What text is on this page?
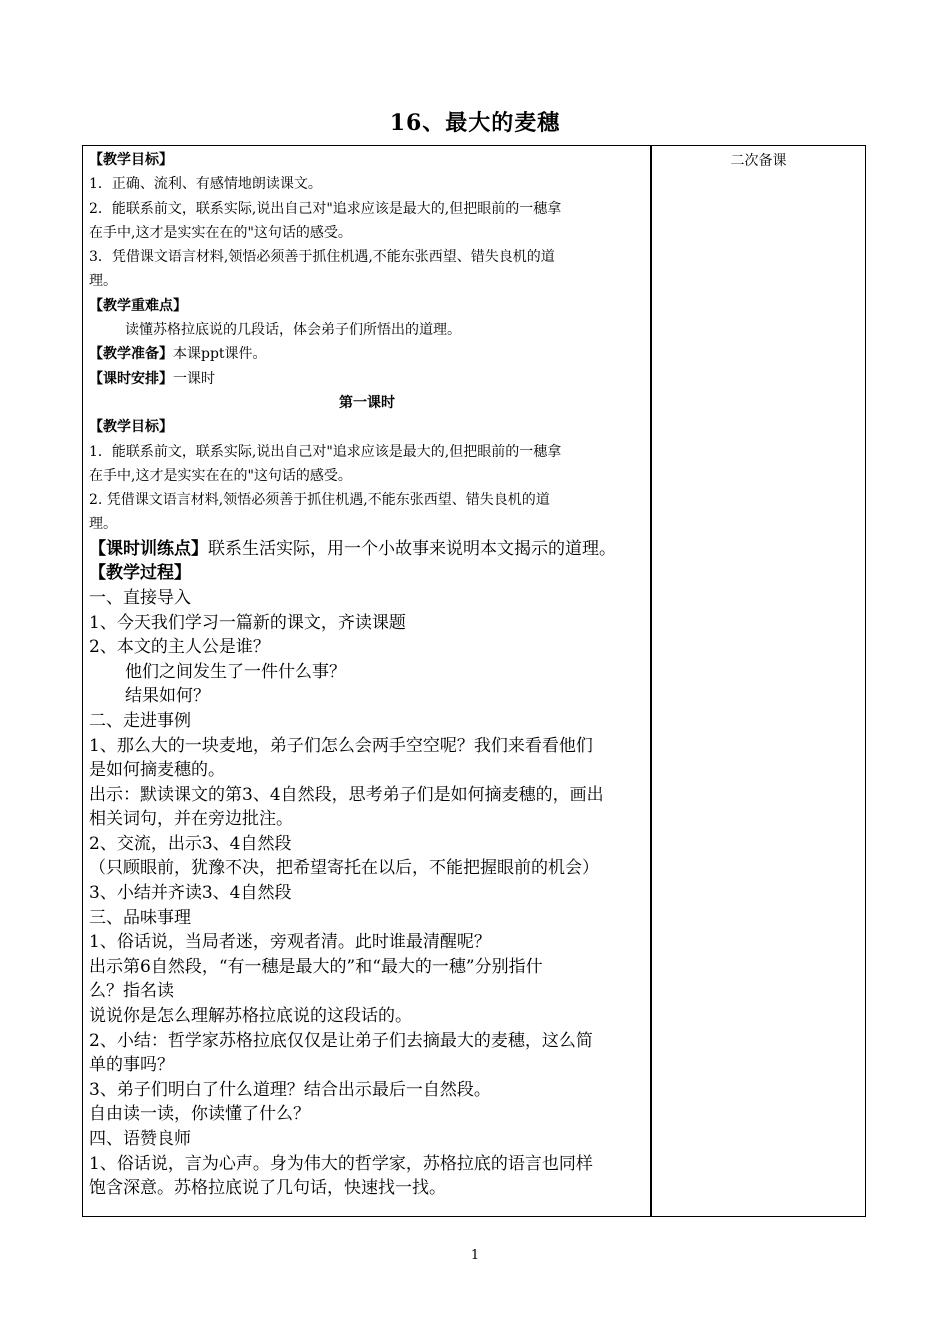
16、最大的麦穗
【教学目标】
1．正确、流利、有感情地朗读课文。
2．能联系前文，联系实际,说出自己对"追求应该是最大的,但把眼前的一穗拿
在手中,这才是实实在在的"这句话的感受。
3．凭借课文语言材料,领悟必须善于抓住机遇,不能东张西望、错失良机的道
理。
【教学重难点】
读懂苏格拉底说的几段话，体会弟子们所悟出的道理。
【教学准备】本课ppt课件。
【课时安排】一课时
第一课时
【教学目标】
1．能联系前文，联系实际,说出自己对"追求应该是最大的,但把眼前的一穗拿
在手中,这才是实实在在的"这句话的感受。
2. 凭借课文语言材料,领悟必须善于抓住机遇,不能东张西望、错失良机的道
理。
【课时训练点】联系生活实际，用一个小故事来说明本文揭示的道理。
【教学过程】
一、直接导入
1、今天我们学习一篇新的课文，齐读课题
2、本文的主人公是谁？
他们之间发生了一件什么事？
结果如何？
二、走进事例
1、那么大的一块麦地，弟子们怎么会两手空空呢？我们来看看他们
是如何摘麦穗的。
出示：默读课文的第3、4自然段，思考弟子们是如何摘麦穗的，画出
相关词句，并在旁边批注。
2、交流，出示3、4自然段
（只顾眼前，犹豫不决，把希望寄托在以后，不能把握眼前的机会）
3、小结并齐读3、4自然段
三、品味事理
1、俗话说，当局者迷，旁观者清。此时谁最清醒呢？
出示第6自然段，“有一穗是最大的”和“最大的一穗”分别指什
么？指名读
说说你是怎么理解苏格拉底说的这段话的。
2、小结：哲学家苏格拉底仅仅是让弟子们去摘最大的麦穗，这么简
单的事吗？
3、弟子们明白了什么道理？结合出示最后一自然段。
自由读一读，你读懂了什么？
四、语赞良师
1、俗话说，言为心声。身为伟大的哲学家，苏格拉底的语言也同样
饱含深意。苏格拉底说了几句话，快速找一找。
二次备课
1
